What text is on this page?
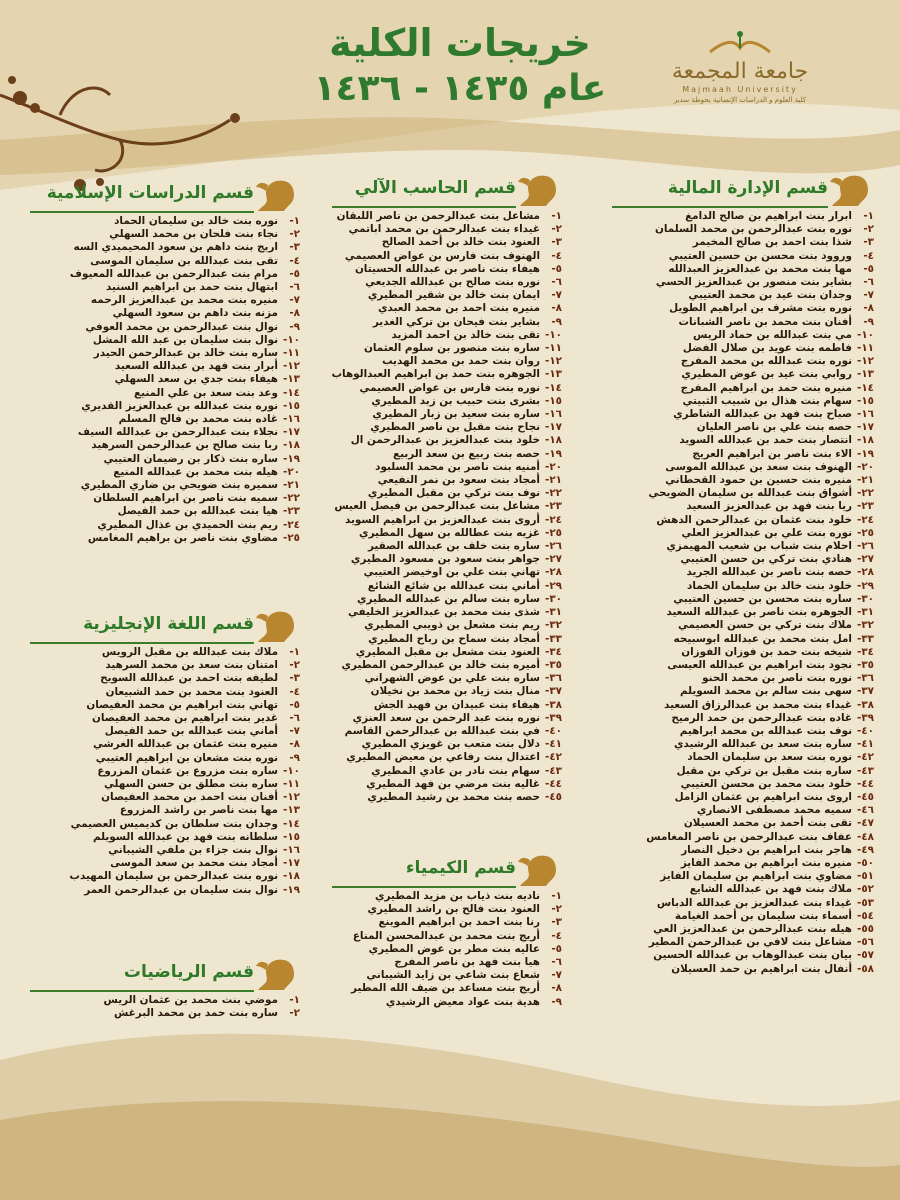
جامعة المجمعة
Majmaah University
كلية العلوم و الدراسات الإنسانية بحوطة سدير
خريجات الكلية
عام ١٤٣٥ - ١٤٣٦
قسم الإدارة المالية
١-ابرار بنت ابراهيم بن صالح الدامغ
٢-نوره بنت عبدالرحمن بن محمد السلمان
٣-شذا بنت احمد بن صالح المخيمر
٤-وروود بنت محسن بن حسين العتيبي
٥-مها بنت محمد بن عبدالعزيز العبدالله
٦-بشاير بنت منصور بن عبدالعزيز الحسي
٧-وجدان بنت عيد بن محمد العتيبي
٨-نوره بنت مشرف بن ابراهيم الطويل
٩-أفنان بنت محمد بن ناصر الشبانات
١٠-مي بنت عبدالله بن حماد الريس
١١-فاطمه بنت عويد بن صلال الفضل
١٢-نوره بنت عبدالله بن محمد المفرج
١٣-روابي بنت عيد بن عوض المطيري
١٤-منيره بنت حمد بن ابراهيم المفرج
١٥-سهام بنت هذال بن شبيب الثبيتي
١٦-صباح بنت فهد بن عبدالله الشاطري
١٧-حصه بنت علي بن ناصر العليان
١٨-انتصار بنت حمد بن عبدالله السويد
١٩-الاء بنت ناصر بن ابراهيم العريج
٢٠-الهنوف بنت سعد بن عبدالله الموسى
٢١-منيره بنت حسين بن حمود القحطاني
٢٢-أشواق بنت عبدالله بن سليمان الضويحي
٢٣-ريا بنت فهد بن عبدالعزيز السعيد
٢٤-خلود بنت عثمان بن عبدالرحمن الدهش
٢٥-نوره بنت علي بن عبدالعزيز العلي
٢٦-احلام بنت شباب بن شعيب المهيمزي
٢٧-هنادي بنت تركي بن حسن العتيبي
٢٨-حصه بنت ناصر بن عبدالله الجريد
٢٩-خلود بنت خالد بن سليمان الحماد
٣٠-ساره بنت محسن بن حسين العتيبي
٣١-الجوهره بنت ناصر بن عبدالله السعيد
٣٢-ملاك بنت تركي بن حسن العصيمي
٣٣-امل بنت محمد بن عبدالله ابوسبيحه
٣٤-شيخه بنت حمد بن فوزان الفوزان
٣٥-نجود بنت ابراهيم بن عبدالله العيسى
٣٦-نوره بنت ناصر بن محمد الحنو
٣٧-سهى بنت سالم بن محمد السويلم
٣٨-غيداء بنت محمد بن عبدالرزاق السعيد
٣٩-غاده بنت عبدالرحمن بن حمد الرميح
٤٠-نوف بنت عبدالله بن محمد ابراهيم
٤١-ساره بنت سعد بن عبدالله الرشيدي
٤٢-نوره بنت سعد بن سليمان الحماد
٤٣-ساره بنت مقبل بن تركي بن مقبل
٤٤-خلود بنت محمد بن محسن العتيبي
٤٥-اروى بنت ابراهيم بن عثمان الزامل
٤٦-سميه محمد مصطفى الانصاري
٤٧-تقى بنت أحمد بن محمد العسيلان
٤٨-عفاف بنت عبدالرحمن بن ناصر المغامس
٤٩-هاجر بنت ابراهيم بن دخيل النصار
٥٠-منيره بنت ابراهيم بن محمد الفايز
٥١-مضاوي بنت ابراهيم بن سليمان الفايز
٥٢-ملاك بنت فهد بن عبدالله الشايع
٥٣-غيداء بنت عبدالعزيز بن عبدالله الدباس
٥٤-أسماء بنت سليمان بن أحمد الغيامة
٥٥-هيله بنت عبدالرحمن بن عبدالعزيز العي
٥٦-مشاعل بنت لافي بن عبدالرحمن المطير
٥٧-بيان بنت عبدالوهاب بن عبدالله الحسين
٥٨-أنفال بنت ابراهيم بن حمد العسيلان
قسم الحاسب الآلي
١-مشاعل بنت عبدالرحمن بن ناصر اللبقان
٢-غيداء بنت عبدالرحمن بن محمد اباتمي
٣-العنود بنت خالد بن أحمد الصالح
٤-الهنوف بنت فارس بن عواض العصيمي
٥-هيفاء بنت ناصر بن عبدالله الحسيتان
٦-نوره بنت صالح بن عبدالله الجديعي
٧-ايمان بنت خالد بن شقير المطيري
٨-منيره بنت احمد بن محمد العبدي
٩-بشاير بنت فيحان بن تركي الغدير
١٠-تقى بنت خالد بن احمد المزيد
١١-ساره بنت منصور بن سلوم العثمان
١٢-روان بنت حمد بن محمد الهديب
١٣-الجوهره بنت حمد بن ابراهيم العبدالوهاب
١٤-نوره بنت فارس بن عواض العصيمي
١٥-بشرى بنت حبيب بن زبد المطيري
١٦-ساره بنت سعيد بن زبار المطيري
١٧-نجاح بنت مقبل بن ناصر المطيري
١٨-خلود بنت عبدالعزيز بن عبدالرحمن ال
١٩-حصه بنت ربيع بن سعد الربيع
٢٠-أمنيه بنت ناصر بن محمد السلبود
٢١-أمجاد بنت سعود بن نمر النفيعي
٢٢-نوف بنت تركي بن مقبل المطيري
٢٣-مشاعل بنت عبدالرحمن بن فيصل العيس
٢٤-أروى بنت عبدالعزيز بن ابراهيم السويد
٢٥-غزيه بنت عطالله بن سهل المطيري
٢٦-ساره بنت خلف بن عبدالله الصقير
٢٧-جواهر بنت سعود بن مسعود المطيري
٢٨-تهاني بنت علي بن اوخيضر العتيبي
٢٩-أماني بنت عبدالله بن شائع الشائع
٣٠-ساره بنت سالم بن عبدالله المطيري
٣١-شذى بنت محمد بن عبدالعزيز الخليفي
٣٢-ريم بنت مشعل بن ذويبي المطيري
٣٣-أمجاد بنت سماح بن رباح المطيري
٣٤-العنود بنت مشعل بن مقبل المطيري
٣٥-أميره بنت خالد بن عبدالرحمن المطيري
٣٦-ساره بنت علي بن عوض الشهراني
٣٧-منال بنت زياد بن محمد بن نخيلان
٣٨-هيفاء بنت عبيدان بن فهيد الجش
٣٩-نوره بنت عبد الرحمن بن سعد العنزي
٤٠-في بنت عبدالله بن عبدالرحمن القاسم
٤١-دلال بنت متعب بن غويزي المطيري
٤٢-اعتدال بنت رفاعي بن معيض المطيري
٤٣-سهام بنت نادر بن عادي المطيري
٤٤-غاليه بنت مرضي بن فهد المطيري
٤٥-حصه بنت محمد بن رشيد المطيري
قسم الدراسات الإسلامية
١-نوره بنت خالد بن سليمان الحماد
٢-نجاء بنت فلحان بن محمد السهلي
٣-اريج بنت داهم بن سعود المحيميدي السه
٤-تقى بنت عبدالله بن سليمان الموسى
٥-مرام بنت عبدالرحمن بن عبدالله المعيوف
٦-ابتهال بنت حمد بن ابراهيم السنيد
٧-منيره بنت محمد بن عبدالعزيز الرحمه
٨-مزنه بنت داهم بن سعود السهلي
٩-نوال بنت عبدالرحمن بن محمد العوفي
١٠-نوال بنت سليمان بن عبد الله المشل
١١-ساره بنت خالد بن عبدالرحمن الحيدر
١٢-أبرار بنت فهد بن عبدالله السعيد
١٣-هيفاء بنت جدي بن سعد السهلي
١٤-وعد بنت سعد بن علي المنيع
١٥-نوره بنت عبدالله بن عبدالعزيز القديري
١٦-غاده بنت محمد بن فالح المسلم
١٧-نجلاء بنت عبدالرحمن بن عبدالله السيف
١٨-ربا بنت صالح بن عبدالرحمن السرهيد
١٩-ساره بنت ذكار بن رضيمان العتيبي
٢٠-هيله بنت محمد بن عبدالله المنيع
٢١-سميره بنت ضويحي بن ضاري المطيري
٢٢-سميه بنت ناصر بن ابراهيم السلطان
٢٣-هيا بنت عبدالله بن حمد الفيصل
٢٤-ريم بنت الحميدي بن عذال المطيري
٢٥-مضاوي بنت ناصر بن براهيم المغامس
قسم اللغة الإنجليزية
١-ملاك بنت عبدالله بن مقبل الرويس
٢-امتنان بنت سعد بن محمد السرهيد
٣-لطيفه بنت احمد بن عبدالله السويح
٤-العنود بنت محمد بن حمد الشبيعان
٥-تهاني بنت ابراهيم بن محمد العفيصان
٦-غدير بنت ابراهيم بن محمد العفيصان
٧-أماني بنت عبدالله بن حمد الفيصل
٨-منيره بنت عثمان بن عبدالله الغرشي
٩-نوره بنت مشعان بن ابراهيم العتيبي
١٠-ساره بنت مزروع بن عثمان المزروع
١١-ساره بنت مطلق بن حسن السهلي
١٢-أفنان بنت احمد بن محمد العفيصان
١٣-مها بنت ناصر بن راشد المزروع
١٤-وجدان بنت سلطان بن كديميس العصيمي
١٥-سلطانه بنت فهد بن عبدالله السويلم
١٦-نوال بنت جزاء بن ملفي الشيباني
١٧-أمجاد بنت محمد بن سعد الموسى
١٨-نوره بنت عبدالرحمن بن سليمان المهيدب
١٩-نوال بنت سليمان بن عبدالرحمن العمر
قسم الكيمياء
١-ناديه بنت ذياب بن مزيد المطيري
٢-العنود بنت فالح بن راشد المطيري
٣-رنا بنت احمد بن ابراهيم الموينع
٤-أريج بنت محمد بن عبدالمحسن المناع
٥-عاليه بنت مطر بن عوض المطيري
٦-هيا بنت فهد بن ناصر المفرج
٧-شعاع بنت شاعي بن زايد الشيباني
٨-أريج بنت مساعد بن ضيف الله المطير
٩-هدية بنت عواد معيض الرشيدي
قسم الرياضيات
١-موضي بنت محمد بن عثمان الريس
٢-ساره بنت حمد بن محمد البرغش
